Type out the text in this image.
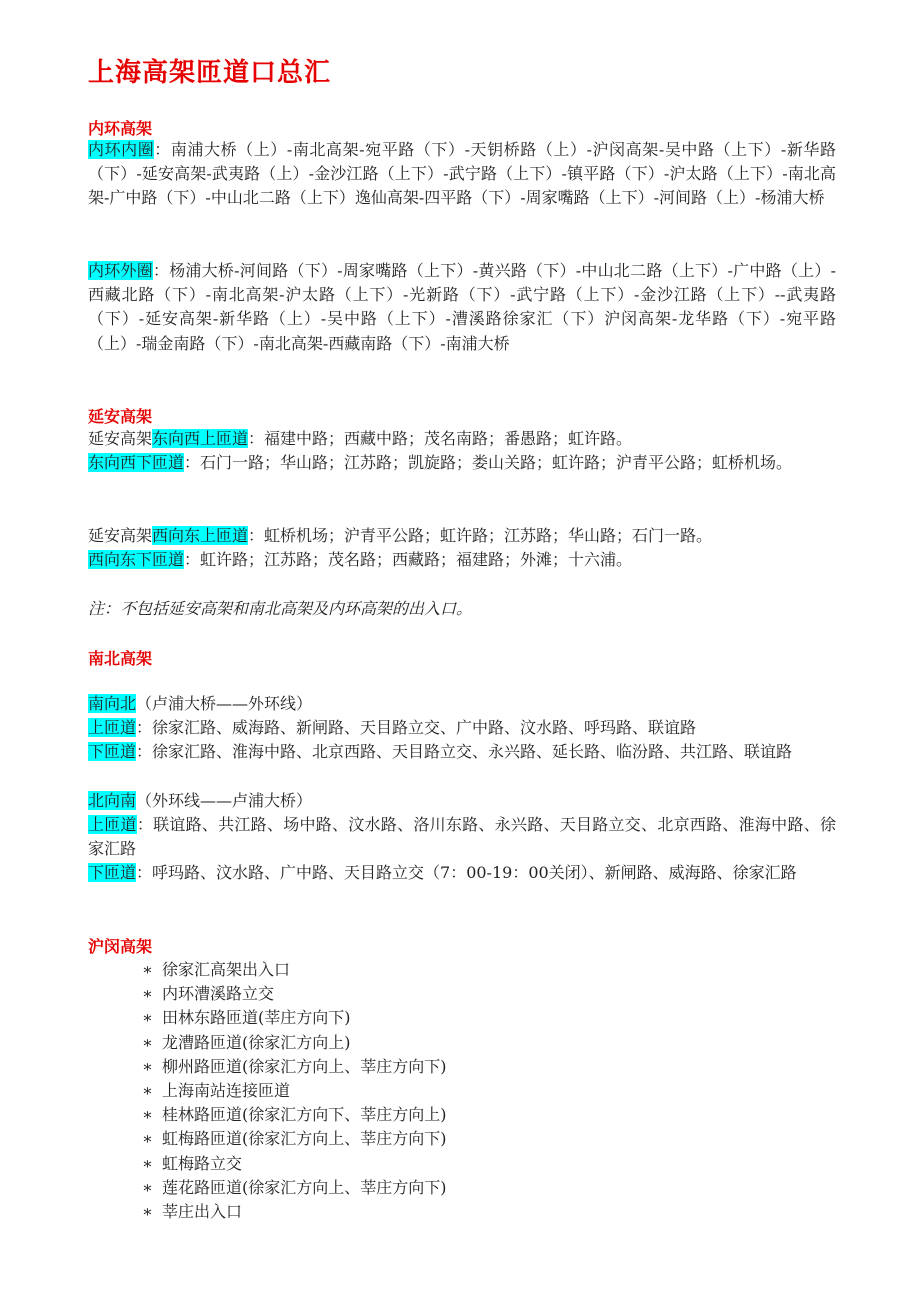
上海高架匝道口总汇
内环高架

内环内圈：南浦大桥（上）-南北高架-宛平路（下）-天钥桥路（上）-沪闵高架-吴中路（上下）-新华路（下）-延安高架-武夷路（上）-金沙江路（上下）-武宁路（上下）-镇平路（下）-沪太路（上下）-南北高架-广中路（下）-中山北二路（上下）逸仙高架-四平路（下）-周家嘴路（上下）-河间路（上）-杨浦大桥

内环外圈：杨浦大桥-河间路（下）-周家嘴路（上下）-黄兴路（下）-中山北二路（上下）-广中路（上）-西藏北路（下）-南北高架-沪太路（上下）-光新路（下）-武宁路（上下）-金沙江路（上下）--武夷路（下）-延安高架-新华路（上）-吴中路（上下）-漕溪路徐家汇（下）沪闵高架-龙华路（下）-宛平路（上）-瑞金南路（下）-南北高架-西藏南路（下）-南浦大桥

延安高架

延安高架东向西上匝道：福建中路；西藏中路；茂名南路；番愚路；虹许路。

东向西下匝道：石门一路；华山路；江苏路；凯旋路；娄山关路；虹许路；沪青平公路；虹桥机场。

延安高架西向东上匝道：虹桥机场；沪青平公路；虹许路；江苏路；华山路；石门一路。

西向东下匝道：虹许路；江苏路；茂名路；西藏路；福建路；外滩；十六浦。

注：不包括延安高架和南北高架及内环高架的出入口。

南北高架

南向北（卢浦大桥——外环线）

上匝道：徐家汇路、威海路、新闸路、天目路立交、广中路、汶水路、呼玛路、联谊路

下匝道：徐家汇路、淮海中路、北京西路、天目路立交、永兴路、延长路、临汾路、共江路、联谊路

北向南（外环线——卢浦大桥）

上匝道：联谊路、共江路、场中路、汶水路、洛川东路、永兴路、天目路立交、北京西路、淮海中路、徐家汇路

下匝道：呼玛路、汶水路、广中路、天目路立交（7：00-19：00关闭）、新闸路、威海路、徐家汇路

沪闵高架
∗ 徐家汇高架出入口
∗ 内环漕溪路立交
∗ 田林东路匝道(莘庄方向下)
∗ 龙漕路匝道(徐家汇方向上)
∗ 柳州路匝道(徐家汇方向上、莘庄方向下)
∗ 上海南站连接匝道
∗ 桂林路匝道(徐家汇方向下、莘庄方向上)
∗ 虹梅路匝道(徐家汇方向上、莘庄方向下)
∗ 虹梅路立交
∗ 莲花路匝道(徐家汇方向上、莘庄方向下)
∗ 莘庄出入口
